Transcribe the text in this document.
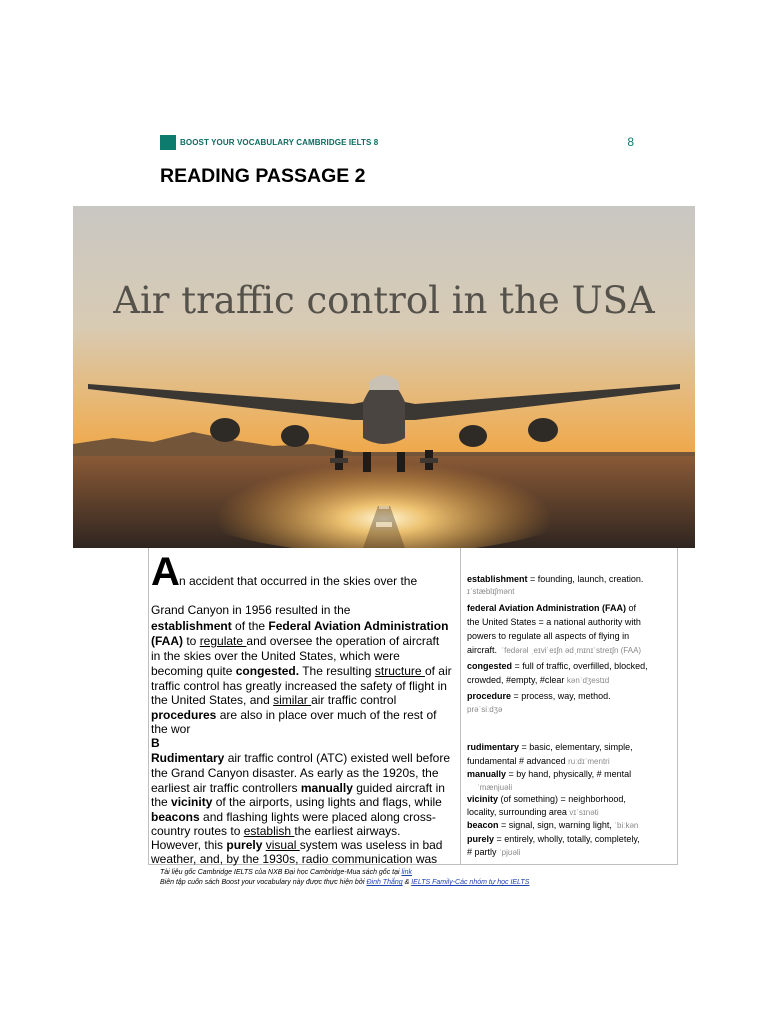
BOOST YOUR VOCABULARY CAMBRIDGE IELTS 8	8
READING PASSAGE 2
Air traffic control in the USA
A n accident that occurred in the skies over the
Grand Canyon in 1956 resulted in the
establishment of the Federal Aviation Administration
(FAA) to regulate and oversee the operation of aircraft
in the skies over the United States, which were
becoming quite congested. The resulting structure of air
traffic control has greatly increased the safety of flight in
the United States, and similar air traffic control
procedures are also in place over much of the rest of
the wor
B
Rudimentary air traffic control (ATC) existed well before
the Grand Canyon disaster. As early as the 1920s, the
earliest air traffic controllers manually guided aircraft in
the vicinity of the airports, using lights and flags, while
beacons and flashing lights were placed along cross-
country routes to establish the earliest airways.
However, this purely visual system was useless in bad
weather, and, by the 1930s, radio communication was
establishment = founding, launch, creation.
ɪˈstæblɪʃmənt
federal Aviation Administration (FAA) of
the United States = a national authority with
powers to regulate all aspects of flying in
aircraft.  ˈfedərəl ˌeɪviˈeɪʃn ədˌmɪnɪˈstreɪʃn (FAA)
congested = full of traffic, overfilled, blocked,
crowded, #empty, #clear kənˈdʒestɪd
procedure = process, way, method.
prəˈsiːdʒə
rudimentary = basic, elementary, simple,
fundamental # advanced ruːdɪˈmentri
manually = by hand, physically, # mental
ˈmænjuəli
vicinity (of something) = neighborhood,
locality, surrounding area vɪˈsɪnəti
beacon = signal, sign, warning light, ˈbiːkən
purely = entirely, wholly, totally, completely,
# partly ˈpjʊəli
Tài liệu gốc Cambridge IELTS của NXB Đại học Cambridge-Mua sách gốc tại link
Biên tập cuốn sách Boost your vocabulary này được thực hiện bởi Đinh Thắng & IELTS Family-Các nhóm tự học IELTS
